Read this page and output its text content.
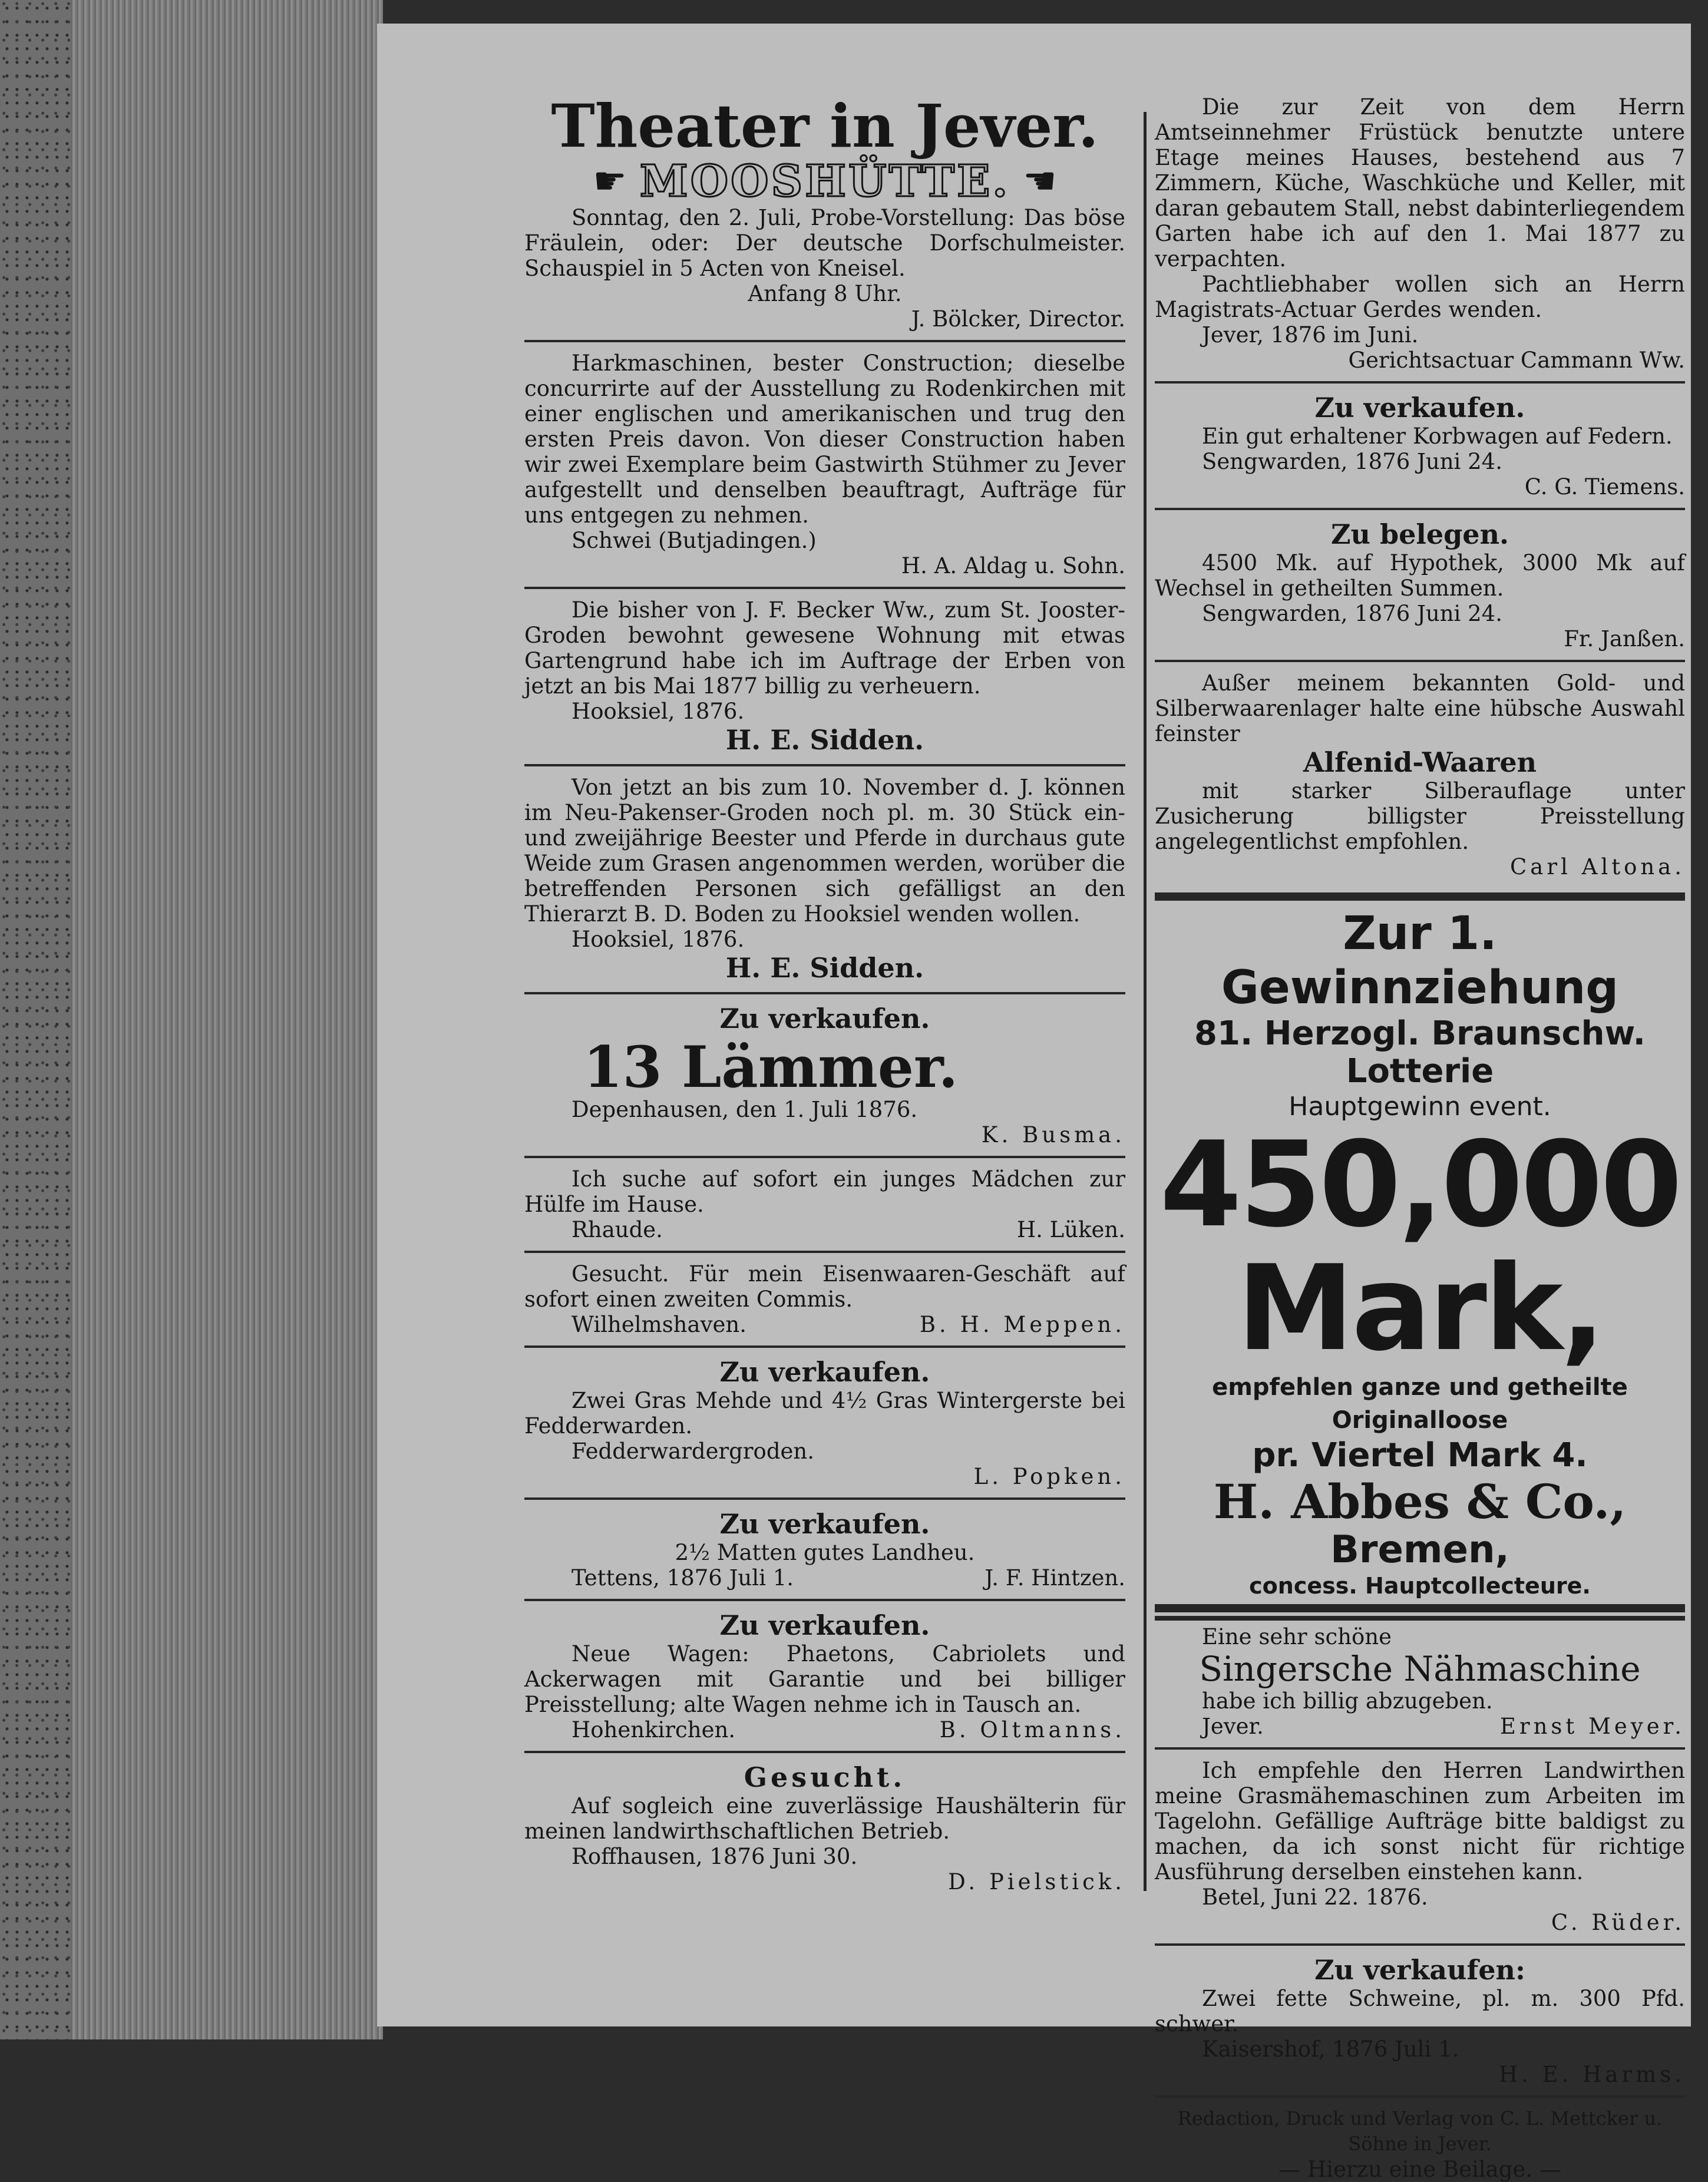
Theater in Jever.

☛ MOOSHÜTTE. ☚

Sonntag, den 2. Juli, Probe-Vorstellung: Das böse Fräulein, oder: Der deutsche Dorfschulmeister. Schauspiel in 5 Acten von Kneisel.

Anfang 8 Uhr.

J. Bölcker, Director.

Harkmaschinen, bester Construction; dieselbe concurrirte auf der Ausstellung zu Rodenkirchen mit einer englischen und amerikanischen und trug den ersten Preis davon. Von dieser Construction haben wir zwei Exemplare beim Gastwirth Stühmer zu Jever aufgestellt und denselben beauftragt, Aufträge für uns entgegen zu nehmen.

Schwei (Butjadingen.)

H. A. Aldag u. Sohn.

Die bisher von J. F. Becker Ww., zum St. Jooster-Groden bewohnt gewesene Wohnung mit etwas Gartengrund habe ich im Auftrage der Erben von jetzt an bis Mai 1877 billig zu verheuern.

Hooksiel, 1876.

H. E. Sidden.

Von jetzt an bis zum 10. November d. J. können im Neu-Pakenser-Groden noch pl. m. 30 Stück ein- und zweijährige Beester und Pferde in durchaus gute Weide zum Grasen angenommen werden, worüber die betreffenden Personen sich gefälligst an den Thierarzt B. D. Boden zu Hooksiel wenden wollen.

Hooksiel, 1876.

H. E. Sidden.

Zu verkaufen.

13 Lämmer.

Depenhausen, den 1. Juli 1876.

K. Busma.

Ich suche auf sofort ein junges Mädchen zur Hülfe im Hause.

Rhaude.	H. Lüken.

Gesucht. Für mein Eisenwaaren-Geschäft auf sofort einen zweiten Commis.

Wilhelmshaven.	B. H. Meppen.

Zu verkaufen.

Zwei Gras Mehde und 4½ Gras Wintergerste bei Fedderwarden.

Fedderwardergroden.

L. Popken.

Zu verkaufen.

2½ Matten gutes Landheu.

Tettens, 1876 Juli 1.	J. F. Hintzen.

Zu verkaufen.

Neue Wagen: Phaetons, Cabriolets und Ackerwagen mit Garantie und bei billiger Preisstellung; alte Wagen nehme ich in Tausch an.

Hohenkirchen.	B. Oltmanns.

Gesucht.

Auf sogleich eine zuverlässige Haushälterin für meinen landwirthschaftlichen Betrieb.

Roffhausen, 1876 Juni 30.

D. Pielstick.

Die zur Zeit von dem Herrn Amtseinnehmer Früstück benutzte untere Etage meines Hauses, bestehend aus 7 Zimmern, Küche, Waschküche und Keller, mit daran gebautem Stall, nebst dabinterliegendem Garten habe ich auf den 1. Mai 1877 zu verpachten.

Pachtliebhaber wollen sich an Herrn Magistrats-Actuar Gerdes wenden.

Jever, 1876 im Juni.

Gerichtsactuar Cammann Ww.

Zu verkaufen.

Ein gut erhaltener Korbwagen auf Federn.

Sengwarden, 1876 Juni 24.

C. G. Tiemens.

Zu belegen.

4500 Mk. auf Hypothek, 3000 Mk auf Wechsel in getheilten Summen.

Sengwarden, 1876 Juni 24.

Fr. Janßen.

Außer meinem bekannten Gold- und Silberwaarenlager halte eine hübsche Auswahl feinster

Alfenid-Waaren

mit starker Silberauflage unter Zusicherung billigster Preisstellung angelegentlichst empfohlen.

Carl Altona.

Zur 1. Gewinnziehung

81. Herzogl. Braunschw. Lotterie

Hauptgewinn event.

450,000 Mark,

empfehlen ganze und getheilte Originalloose

pr. Viertel Mark 4.

H. Abbes & Co.,

Bremen,

concess. Hauptcollecteure.

Eine sehr schöne

Singersche Nähmaschine

habe ich billig abzugeben.

Jever.	Ernst Meyer.

Ich empfehle den Herren Landwirthen meine Grasmähemaschinen zum Arbeiten im Tagelohn. Gefällige Aufträge bitte baldigst zu machen, da ich sonst nicht für richtige Ausführung derselben einstehen kann.

Betel, Juni 22. 1876.

C. Rüder.

Zu verkaufen:

Zwei fette Schweine, pl. m. 300 Pfd. schwer.

Kaisershof, 1876 Juli 1.

H. E. Harms.

Redaction, Druck und Verlag von C. L. Mettcker u. Söhne in Jever.

— Hierzu eine Beilage. —
